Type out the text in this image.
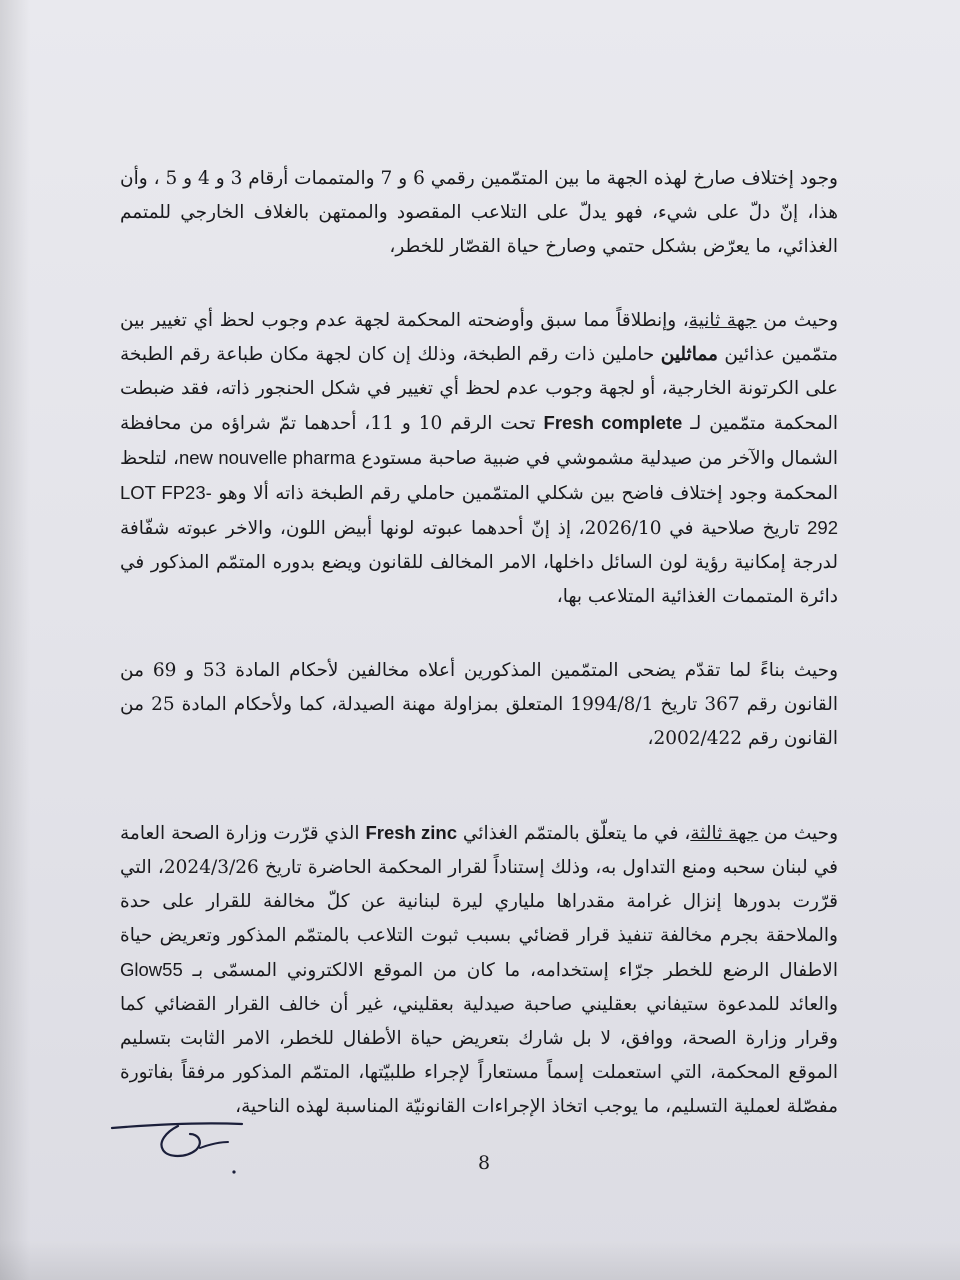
وجود إختلاف صارخ لهذه الجهة ما بين المتمّمين رقمي 6 و 7 والمتممات أرقام 3 و 4 و 5 ، وأن هذا، إنّ دلّ على شيء، فهو يدلّ على التلاعب المقصود والممتهن بالغلاف الخارجي للمتمم الغذائي، ما يعرّض بشكل حتمي وصارخ حياة القصّار للخطر،

وحيث من جهة ثانية، وإنطلاقاً مما سبق وأوضحته المحكمة لجهة عدم وجوب لحظ أي تغيير بين متمّمين عذائين مماثلين حاملين ذات رقم الطبخة، وذلك إن كان لجهة مكان طباعة رقم الطبخة على الكرتونة الخارجية، أو لجهة وجوب عدم لحظ أي تغيير في شكل الحنجور ذاته، فقد ضبطت المحكمة متمّمين لـ Fresh complete تحت الرقم 10 و 11، أحدهما تمّ شراؤه من محافظة الشمال والآخر من صيدلية مشموشي في ضبية صاحبة مستودع new nouvelle pharma، لتلحظ المحكمة وجود إختلاف فاضح بين شكلي المتمّمين حاملي رقم الطبخة ذاته ألا وهو LOT FP23-292 تاريخ صلاحية في 2026/10، إذ إنّ أحدهما عبوته لونها أبيض اللون، والاخر عبوته شفّافة لدرجة إمكانية رؤية لون السائل داخلها، الامر المخالف للقانون ويضع بدوره المتمّم المذكور في دائرة المتممات الغذائية المتلاعب بها،

وحيث بناءً لما تقدّم يضحى المتمّمين المذكورين أعلاه مخالفين لأحكام المادة 53 و 69 من القانون رقم 367 تاريخ 1994/8/1 المتعلق بمزاولة مهنة الصيدلة، كما ولأحكام المادة 25 من القانون رقم 2002/422،

وحيث من جهة ثالثة، في ما يتعلّق بالمتمّم الغذائي Fresh zinc الذي قرّرت وزارة الصحة العامة في لبنان سحبه ومنع التداول به، وذلك إستناداً لقرار المحكمة الحاضرة تاريخ 2024/3/26، التي قرّرت بدورها إنزال غرامة مقدراها ملياري ليرة لبنانية عن كلّ مخالفة للقرار على حدة والملاحقة بجرم مخالفة تنفيذ قرار قضائي بسبب ثبوت التلاعب بالمتمّم المذكور وتعريض حياة الاطفال الرضع للخطر جرّاء إستخدامه، ما كان من الموقع الالكتروني المسمّى بـ Glow55 والعائد للمدعوة ستيفاني بعقليني صاحبة صيدلية بعقليني، غير أن خالف القرار القضائي كما وقرار وزارة الصحة، ووافق، لا بل شارك بتعريض حياة الأطفال للخطر، الامر الثابت بتسليم الموقع المحكمة، التي استعملت إسماً مستعاراً لإجراء طلبيّتها، المتمّم المذكور مرفقاً بفاتورة مفصّلة لعملية التسليم، ما يوجب اتخاذ الإجراءات القانونيّة المناسبة لهذه الناحية،

8
